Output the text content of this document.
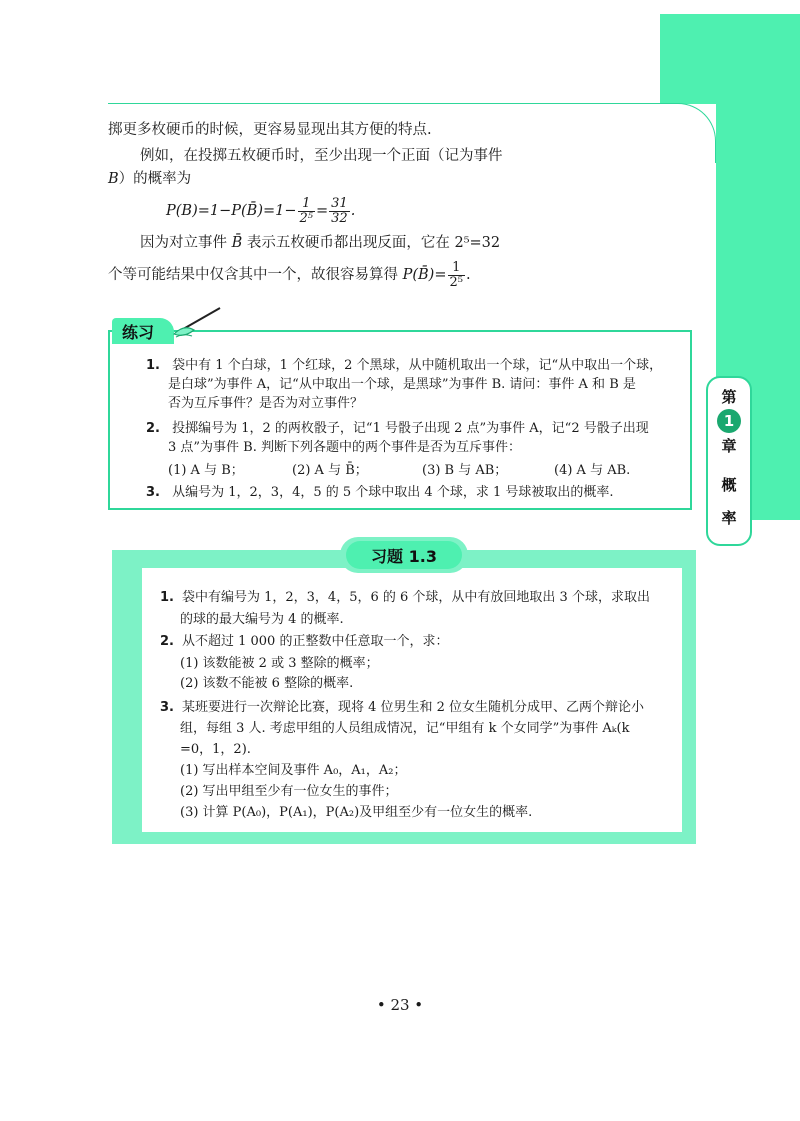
第
1
章
概
率
掷更多枚硬币的时候，更容易显现出其方便的特点.
例如，在投掷五枚硬币时，至少出现一个正面（记为事件
B）的概率为
P(B)=1−P(B̄)=1− $\frac{1}{\text{2⁵}} = \frac{31}{32}$ .
因为对立事件 B̄ 表示五枚硬币都出现反面，它在 2⁵=32
个等可能结果中仅含其中一个，故很容易算得 P(B̄)= $\frac{1}{\text{2⁵}}$ .
练习
1. 袋中有 1 个白球，1 个红球，2 个黑球，从中随机取出一个球，记“从中取出一个球，
是白球”为事件 A，记“从中取出一个球，是黑球”为事件 B. 请问：事件 A 和 B 是
否为互斥事件？是否为对立事件？
2. 投掷编号为 1，2 的两枚骰子，记“1 号骰子出现 2 点”为事件 A，记“2 号骰子出现
3 点”为事件 B. 判断下列各题中的两个事件是否为互斥事件：
(1) A 与 B；	(2) A 与 B̄；	(3) B 与 AB；	(4) A 与 AB.
3. 从编号为 1，2，3，4，5 的 5 个球中取出 4 个球，求 1 号球被取出的概率.
习题 1.3
1. 袋中有编号为 1，2，3，4，5，6 的 6 个球，从中有放回地取出 3 个球，求取出
的球的最大编号为 4 的概率.
2. 从不超过 1 000 的正整数中任意取一个，求：
(1) 该数能被 2 或 3 整除的概率；
(2) 该数不能被 6 整除的概率.
3. 某班要进行一次辩论比赛，现将 4 位男生和 2 位女生随机分成甲、乙两个辩论小
组，每组 3 人. 考虑甲组的人员组成情况，记“甲组有 k 个女同学”为事件 Aₖ(k
=0，1，2).
(1) 写出样本空间及事件 A₀，A₁，A₂；
(2) 写出甲组至少有一位女生的事件；
(3) 计算 P(A₀)，P(A₁)，P(A₂)及甲组至少有一位女生的概率.
• 23 •
